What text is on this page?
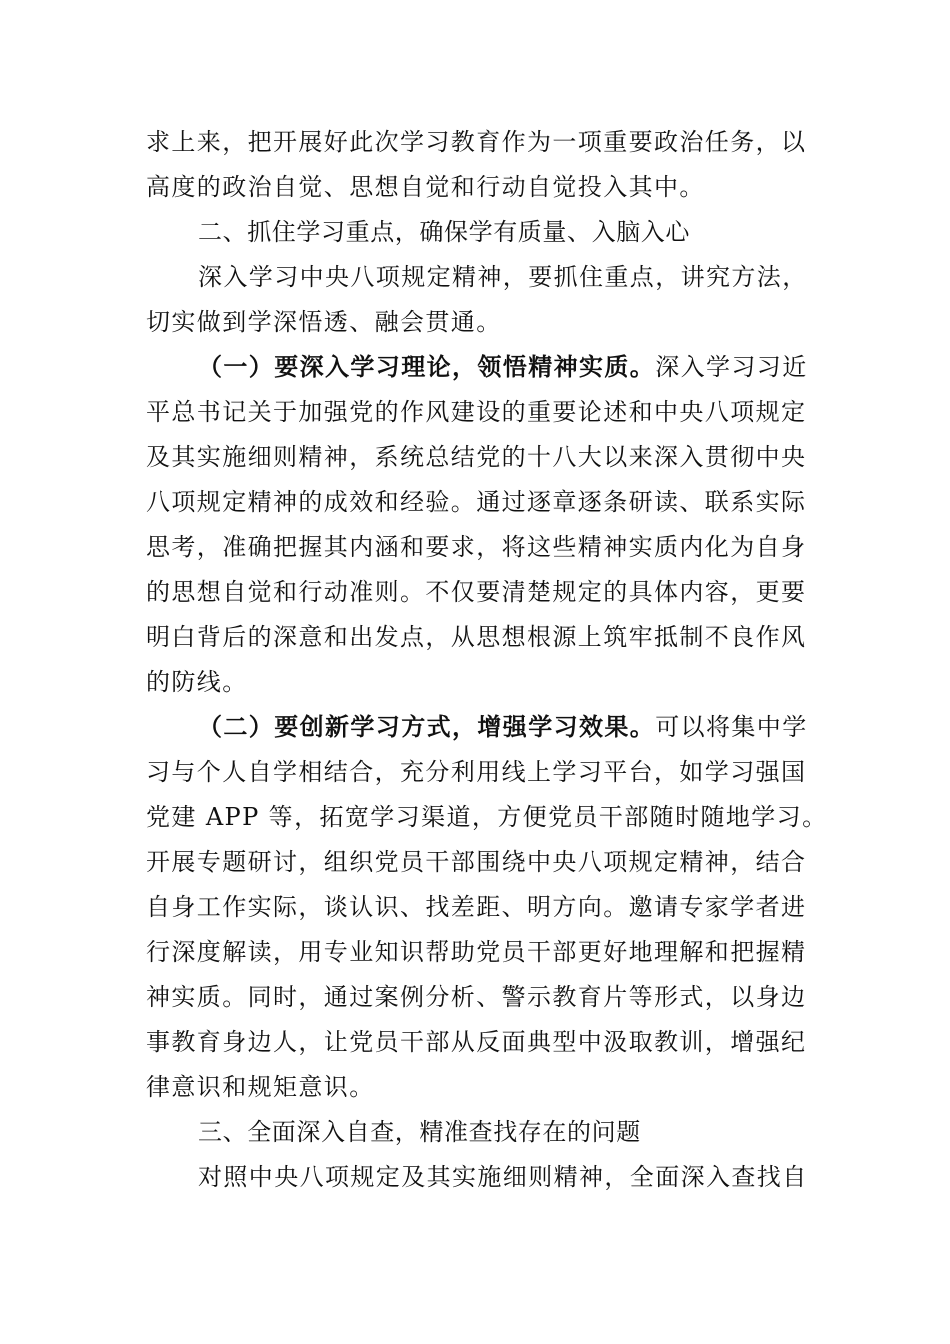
求上来，把开展好此次学习教育作为一项重要政治任务，以
高度的政治自觉、思想自觉和行动自觉投入其中。
二、抓住学习重点，确保学有质量、入脑入心
深入学习中央八项规定精神，要抓住重点，讲究方法，
切实做到学深悟透、融会贯通。
（一）要深入学习理论，领悟精神实质。深入学习习近
平总书记关于加强党的作风建设的重要论述和中央八项规定
及其实施细则精神，系统总结党的十八大以来深入贯彻中央
八项规定精神的成效和经验。通过逐章逐条研读、联系实际
思考，准确把握其内涵和要求，将这些精神实质内化为自身
的思想自觉和行动准则。不仅要清楚规定的具体内容，更要
明白背后的深意和出发点，从思想根源上筑牢抵制不良作风
的防线。
（二）要创新学习方式，增强学习效果。可以将集中学
习与个人自学相结合，充分利用线上学习平台，如学习强国
党建 APP 等，拓宽学习渠道，方便党员干部随时随地学习。
开展专题研讨，组织党员干部围绕中央八项规定精神，结合
自身工作实际，谈认识、找差距、明方向。邀请专家学者进
行深度解读，用专业知识帮助党员干部更好地理解和把握精
神实质。同时，通过案例分析、警示教育片等形式，以身边
事教育身边人，让党员干部从反面典型中汲取教训，增强纪
律意识和规矩意识。
三、全面深入自查，精准查找存在的问题
对照中央八项规定及其实施细则精神，全面深入查找自
